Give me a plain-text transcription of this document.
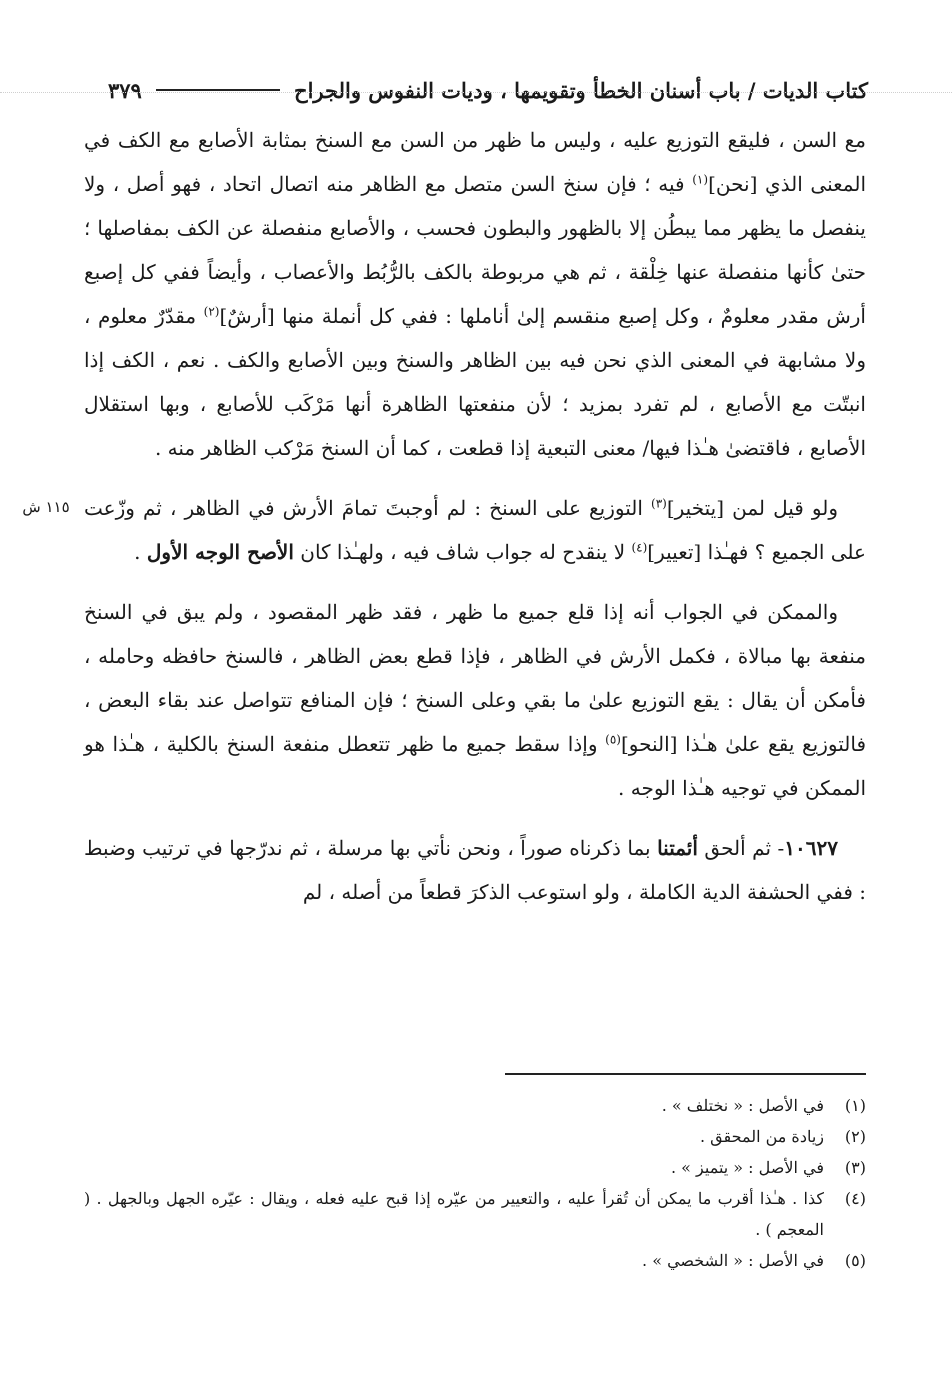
كتاب الديات / باب أسنان الخطأ وتقويمها ، وديات النفوس والجراح
٣٧٩
١١٥ ش

مع السن ، فليقع التوزيع عليه ، وليس ما ظهر من السن مع السنخ بمثابة الأصابع مع الكف في المعنى الذي [نحن]$^{(١)}$ فيه ؛ فإن سنخ السن متصل مع الظاهر منه اتصال اتحاد ، فهو أصل ، ولا ينفصل ما يظهر مما يبطُن إلا بالظهور والبطون فحسب ، والأصابع منفصلة عن الكف بمفاصلها ؛ حتىٰ كأنها منفصلة عنها خِلْقة ، ثم هي مربوطة بالكف بالرُّبُط والأعصاب ، وأيضاً ففي كل إصبع أرش مقدر معلومٌ ، وكل إصبع منقسم إلىٰ أناملها : ففي كل أنملة منها [أرشٌ]$^{(٢)}$ مقدّرٌ معلوم ، ولا مشابهة في المعنى الذي نحن فيه بين الظاهر والسنخ وبين الأصابع والكف . نعم ، الكف إذا انبتّت مع الأصابع ، لم تفرد بمزيد ؛ لأن منفعتها الظاهرة أنها مَرْكَب للأصابع ، وبها استقلال الأصابع ، فاقتضىٰ هـٰذا فيها/ معنى التبعية إذا قطعت ، كما أن السنخ مَرْكب الظاهر منه .

ولو قيل لمن [يتخير]$^{(٣)}$ التوزيع على السنخ : لم أوجبتَ تمامَ الأرش في الظاهر ، ثم وزّعت على الجميع ؟ فهـٰذا [تعيير]$^{(٤)}$ لا ينقدح له جواب شاف فيه ، ولهـٰذا كان الأصح الوجه الأول .

والممكن في الجواب أنه إذا قلع جميع ما ظهر ، فقد ظهر المقصود ، ولم يبق في السنخ منفعة بها مبالاة ، فكمل الأرش في الظاهر ، فإذا قطع بعض الظاهر ، فالسنخ حافظه وحامله ، فأمكن أن يقال : يقع التوزيع علىٰ ما بقي وعلى السنخ ؛ فإن المنافع تتواصل عند بقاء البعض ، فالتوزيع يقع علىٰ هـٰذا [النحو]$^{(٥)}$ وإذا سقط جميع ما ظهر تتعطل منفعة السنخ بالكلية ، هـٰذا هو الممكن في توجيه هـٰذا الوجه .

١٠٦٢٧- ثم ألحق أئمتنا بما ذكرناه صوراً ، ونحن نأتي بها مرسلة ، ثم ندرّجها في ترتيب وضبط : ففي الحشفة الدية الكاملة ، ولو استوعب الذكرَ قطعاً من أصله ، لم

(١)
في الأصل : « نختلف » .
(٢)
زيادة من المحقق .
(٣)
في الأصل : « يتميز » .
(٤)
كذا . هـٰذا أقرب ما يمكن أن تُقرأ عليه ، والتعيير من عيّره إذا قبح عليه فعله ، ويقال : عيّره الجهل وبالجهل . ( المعجم ) .
(٥)
في الأصل : « الشخصي » .
